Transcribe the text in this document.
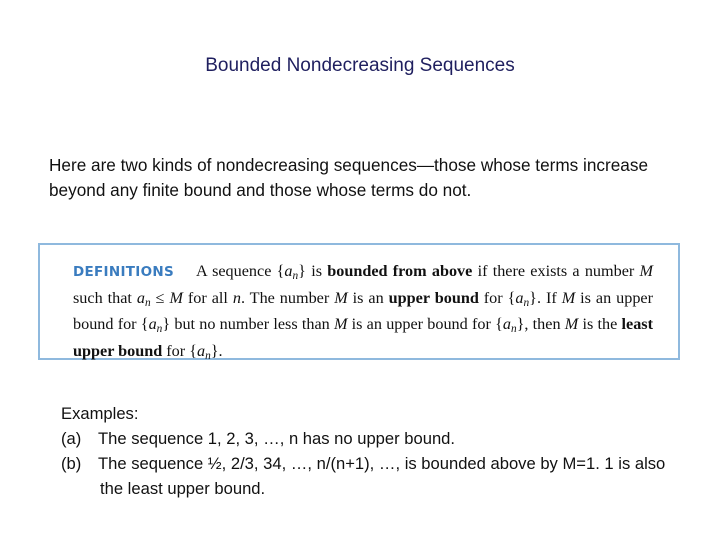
Bounded Nondecreasing Sequences
Here are two kinds of nondecreasing sequences—those whose terms increase beyond any finite bound and those whose terms do not.
DEFINITIONS A sequence $\{a_n\}$ is bounded from above if there exists a number M such that $a_n \le M$ for all n. The number M is an upper bound for $\{a_n\}$. If M is an upper bound for $\{a_n\}$ but no number less than M is an upper bound for $\{a_n\}$, then M is the least upper bound for $\{a_n\}$.
Examples:
(a)	The sequence 1, 2, 3, …, n has no upper bound.
(b)	The sequence ½, 2/3, 34, …, n/(n+1), …, is bounded above by M=1. 1 is also
the least upper bound.
